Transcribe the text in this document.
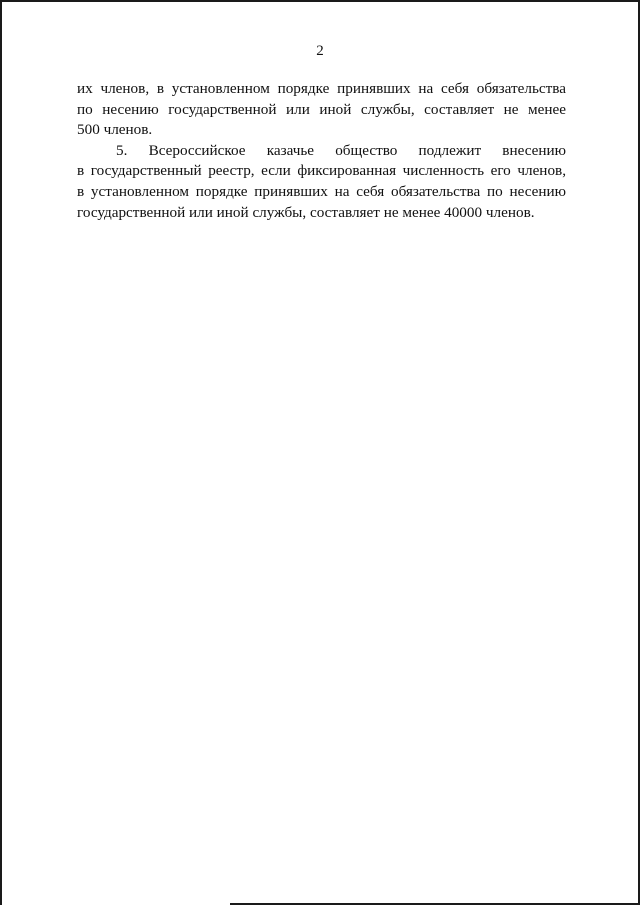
2
их членов, в установленном порядке принявших на себя обязательства
по несению государственной или иной службы, составляет не менее
500 членов.
5. Всероссийское казачье общество подлежит внесению
в государственный реестр, если фиксированная численность его членов,
в установленном порядке принявших на себя обязательства по несению
государственной или иной службы, составляет не менее 40000 членов.
